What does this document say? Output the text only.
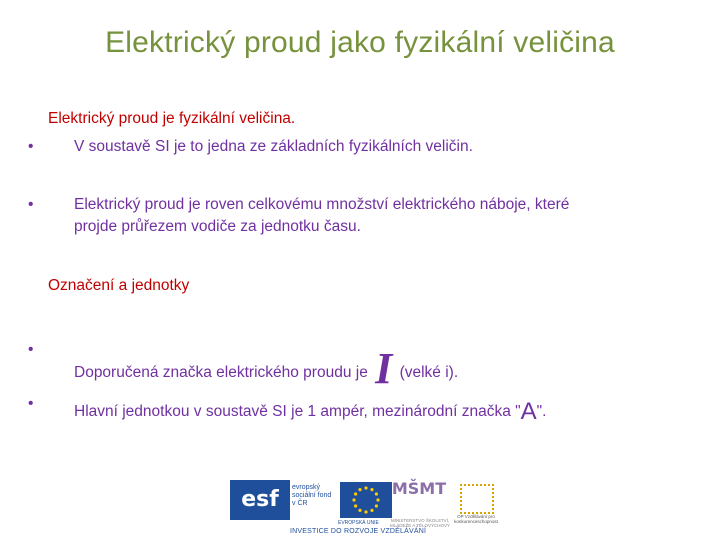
Elektrický proud jako fyzikální veličina
Elektrický proud je fyzikální veličina.
•	V soustavě SI je to jedna ze základních fyzikálních veličin.
•	Elektrický proud je roven celkovému množství elektrického náboje, které
projde průřezem vodiče za jednotku času.
Označení a jednotky
•
Doporučená značka elektrického proudu je I (velké i).
•	Hlavní jednotkou v soustavě SI je 1 ampér, mezinárodní značka "A".
esf	evropský sociální fond v ČR
EVROPSKÁ UNIE
MŠMT
MINISTERSTVO ŠKOLSTVÍ, MLÁDEŽE A TĚLOVÝCHOVY
OP Vzdělávání pro konkurenceschopnost
INVESTICE DO ROZVOJE VZDĚLÁVÁNÍ
